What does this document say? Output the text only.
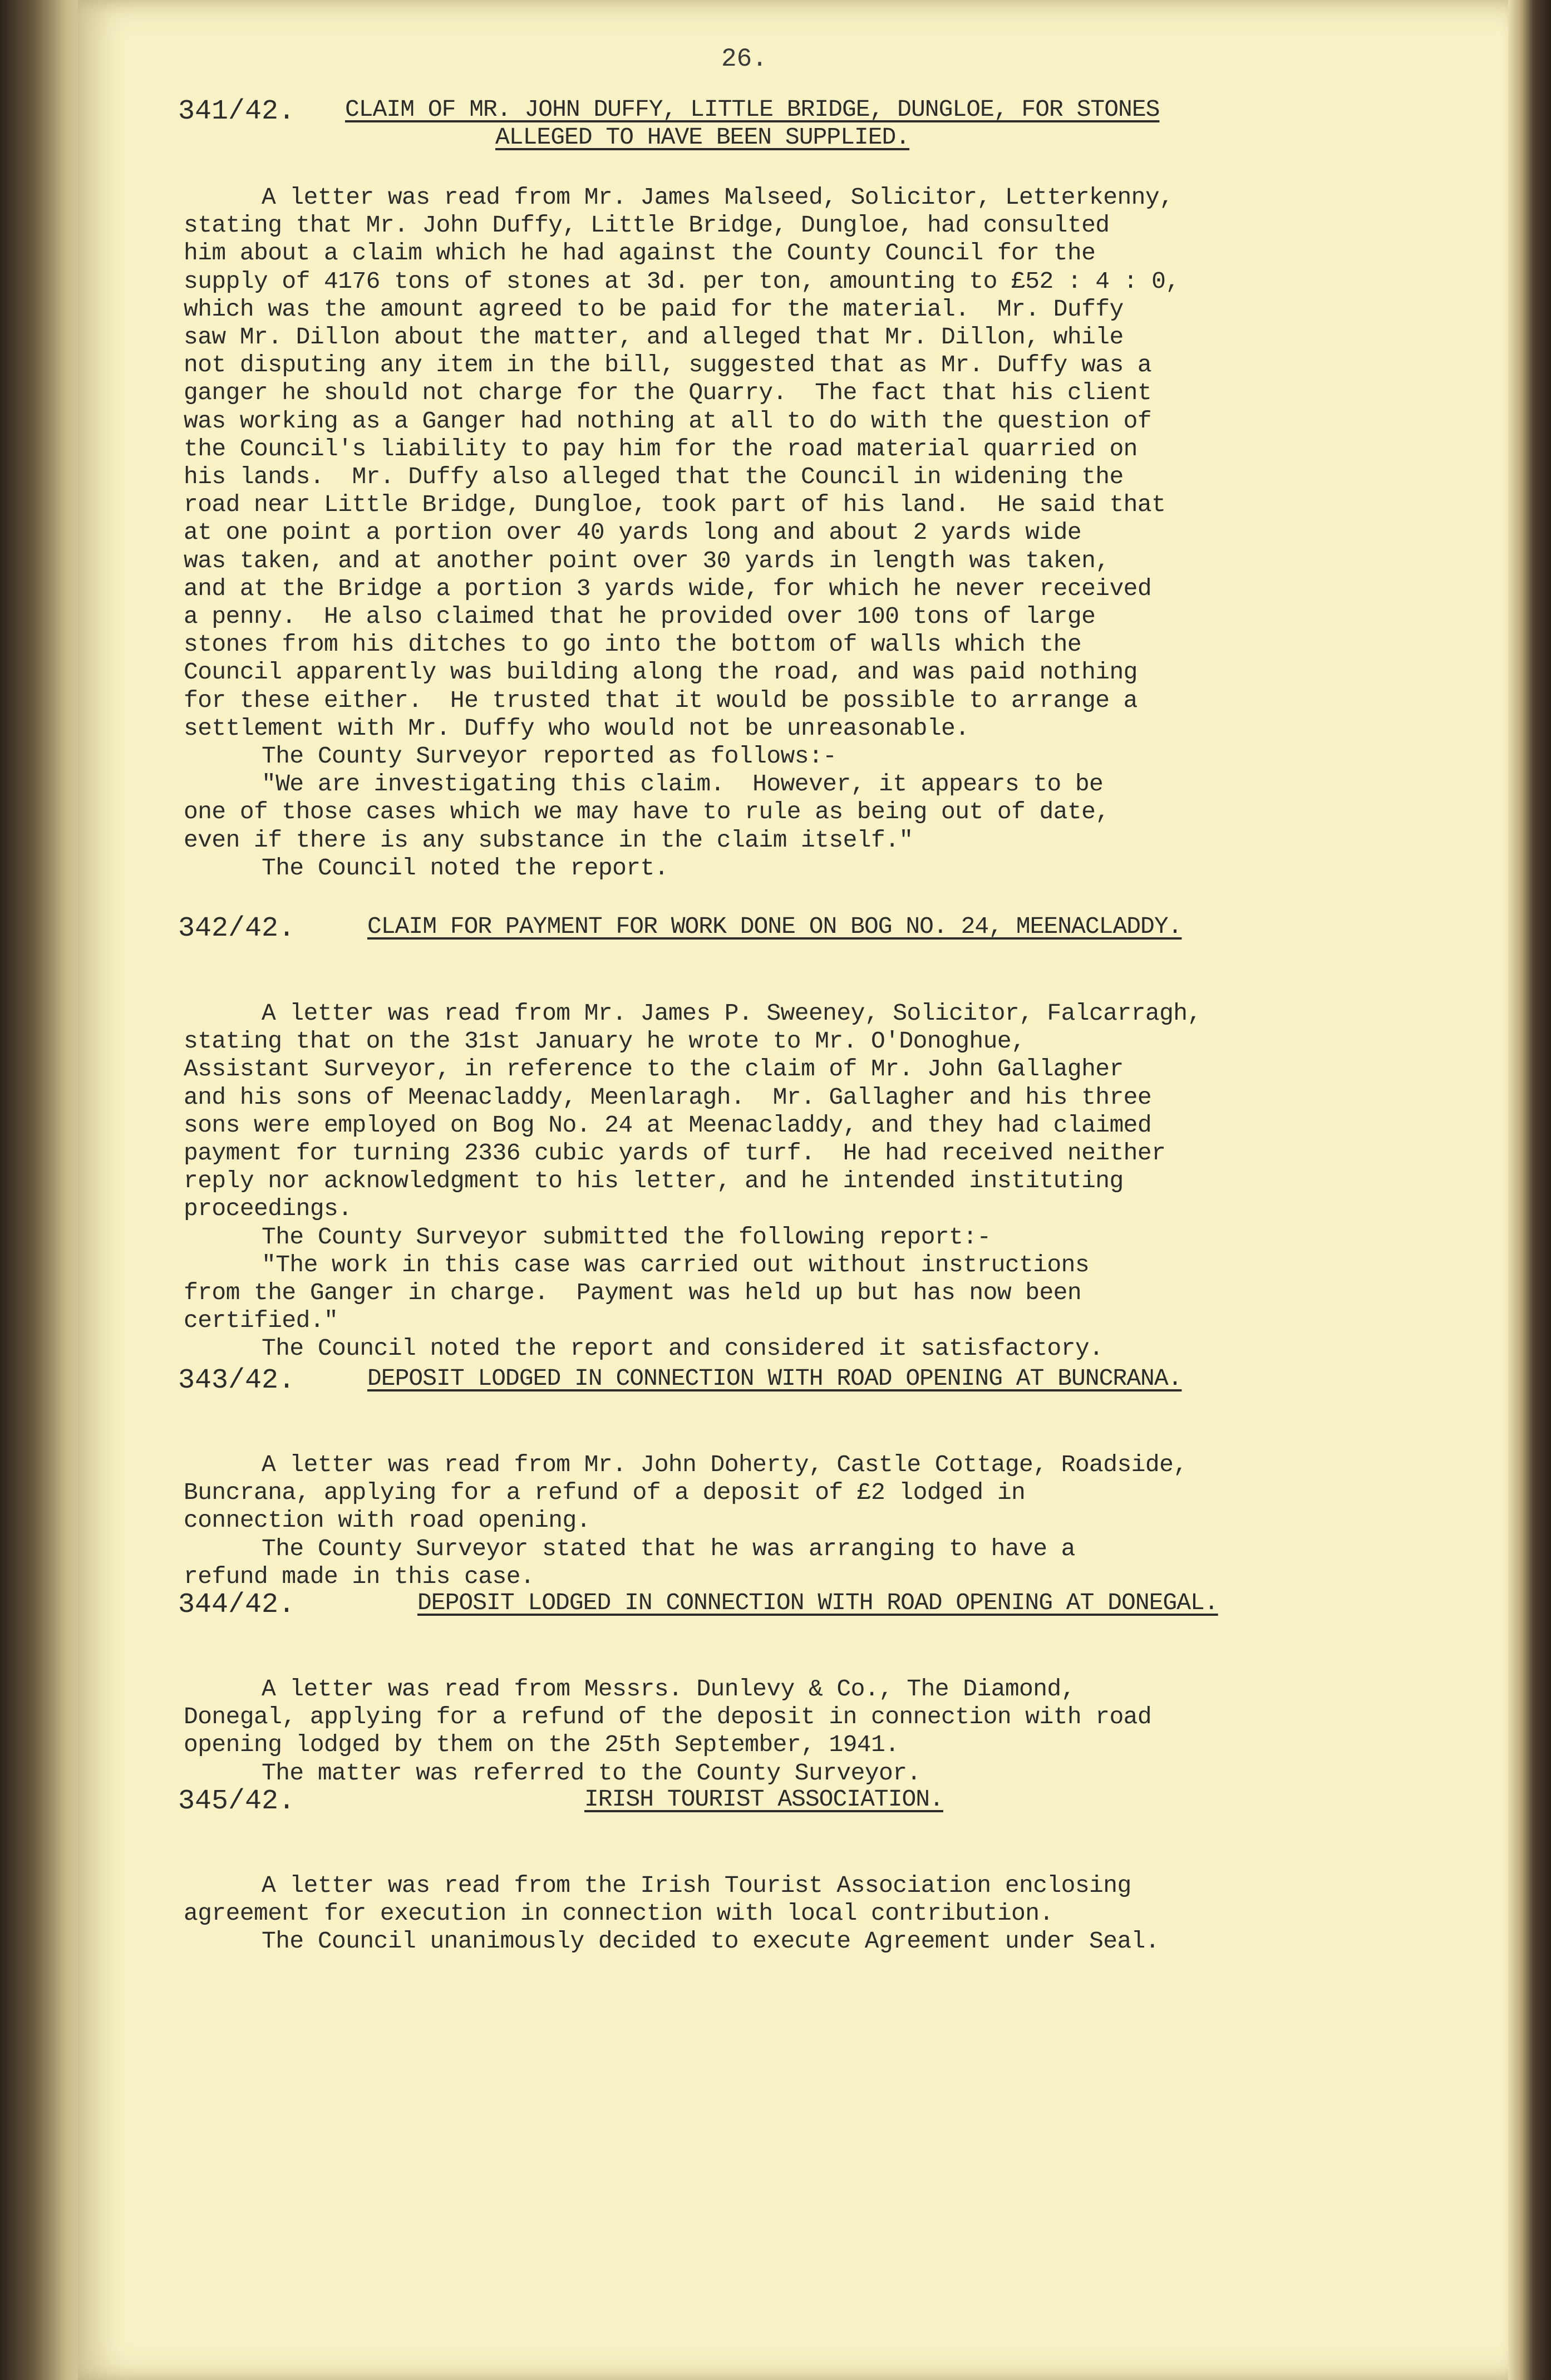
26.
341/42. CLAIM OF MR. JOHN DUFFY, LITTLE BRIDGE, DUNGLOE, FOR STONES
ALLEGED TO HAVE BEEN SUPPLIED.

A letter was read from Mr. James Malseed, Solicitor, Letterkenny,
stating that Mr. John Duffy, Little Bridge, Dungloe, had consulted
him about a claim which he had against the County Council for the
supply of 4176 tons of stones at 3d. per ton, amounting to £52 : 4 : 0,
which was the amount agreed to be paid for the material.  Mr. Duffy
saw Mr. Dillon about the matter, and alleged that Mr. Dillon, while
not disputing any item in the bill, suggested that as Mr. Duffy was a
ganger he should not charge for the Quarry.  The fact that his client
was working as a Ganger had nothing at all to do with the question of
the Council's liability to pay him for the road material quarried on
his lands.  Mr. Duffy also alleged that the Council in widening the
road near Little Bridge, Dungloe, took part of his land.  He said that
at one point a portion over 40 yards long and about 2 yards wide
was taken, and at another point over 30 yards in length was taken,
and at the Bridge a portion 3 yards wide, for which he never received
a penny.  He also claimed that he provided over 100 tons of large
stones from his ditches to go into the bottom of walls which the
Council apparently was building along the road, and was paid nothing
for these either.  He trusted that it would be possible to arrange a
settlement with Mr. Duffy who would not be unreasonable.

The County Surveyor reported as follows:-

"We are investigating this claim.  However, it appears to be
one of those cases which we may have to rule as being out of date,
even if there is any substance in the claim itself."

The Council noted the report.

342/42.	CLAIM FOR PAYMENT FOR WORK DONE ON BOG NO. 24, MEENACLADDY.

A letter was read from Mr. James P. Sweeney, Solicitor, Falcarragh,
stating that on the 31st January he wrote to Mr. O'Donoghue,
Assistant Surveyor, in reference to the claim of Mr. John Gallagher
and his sons of Meenacladdy, Meenlaragh.  Mr. Gallagher and his three
sons were employed on Bog No. 24 at Meenacladdy, and they had claimed
payment for turning 2336 cubic yards of turf.  He had received neither
reply nor acknowledgment to his letter, and he intended instituting
proceedings.

The County Surveyor submitted the following report:-

"The work in this case was carried out without instructions
from the Ganger in charge.  Payment was held up but has now been
certified."

The Council noted the report and considered it satisfactory.

343/42.	DEPOSIT LODGED IN CONNECTION WITH ROAD OPENING AT BUNCRANA.

A letter was read from Mr. John Doherty, Castle Cottage, Roadside,
Buncrana, applying for a refund of a deposit of £2 lodged in
connection with road opening.

The County Surveyor stated that he was arranging to have a
refund made in this case.

344/42.	DEPOSIT LODGED IN CONNECTION WITH ROAD OPENING AT DONEGAL.

A letter was read from Messrs. Dunlevy & Co., The Diamond,
Donegal, applying for a refund of the deposit in connection with road
opening lodged by them on the 25th September, 1941.

The matter was referred to the County Surveyor.

345/42.	IRISH TOURIST ASSOCIATION.

A letter was read from the Irish Tourist Association enclosing
agreement for execution in connection with local contribution.

The Council unanimously decided to execute Agreement under Seal.
